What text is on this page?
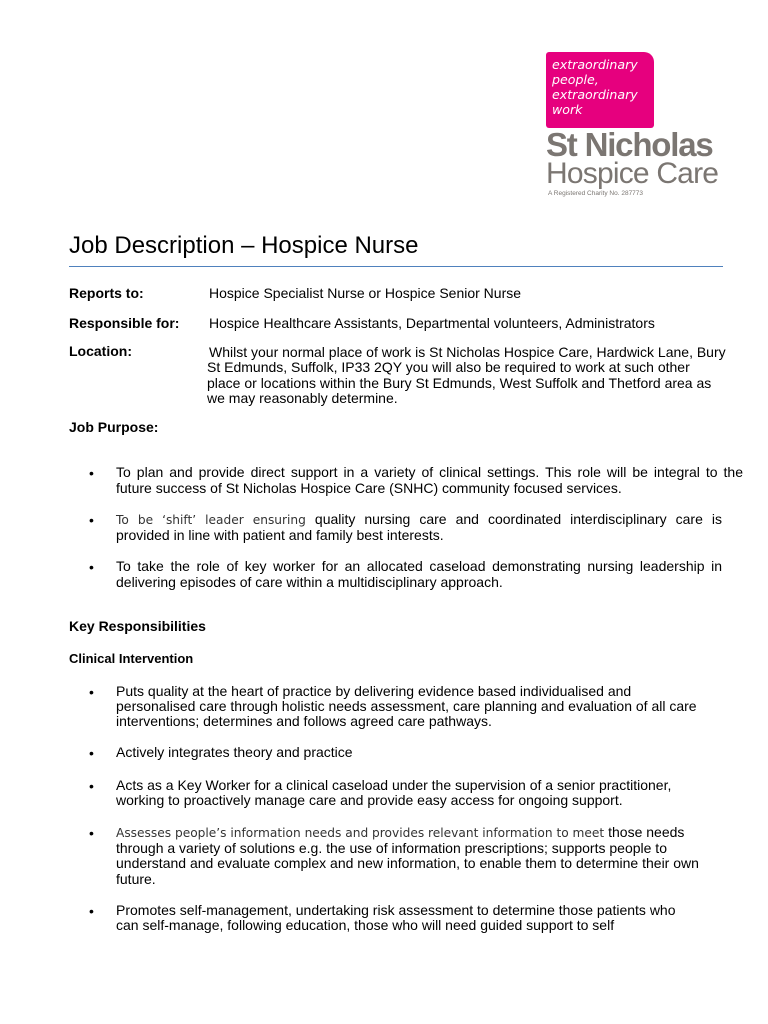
extraordinary
people,
extraordinary
work
St Nicholas
Hospice Care
A Registered Charity No. 287773
Job Description – Hospice Nurse
Reports to:	Hospice Specialist Nurse or Hospice Senior Nurse
Responsible for: Hospice Healthcare Assistants, Departmental volunteers, Administrators
Location:	Whilst your normal place of work is St Nicholas Hospice Care, Hardwick Lane, Bury
St Edmunds, Suffolk, IP33 2QY you will also be required to work at such other
place or locations within the Bury St Edmunds, West Suffolk and Thetford area as
we may reasonably determine.
Job Purpose:
• To plan and provide direct support in a variety of clinical settings. This role will be integral to the
future success of St Nicholas Hospice Care (SNHC) community focused services.
• To be ‘shift’ leader ensuring quality nursing care and coordinated interdisciplinary care is
provided in line with patient and family best interests.
• To take the role of key worker for an allocated caseload demonstrating nursing leadership in
delivering episodes of care within a multidisciplinary approach.
Key Responsibilities
Clinical Intervention
• Puts quality at the heart of practice by delivering evidence based individualised and
personalised care through holistic needs assessment, care planning and evaluation of all care
interventions; determines and follows agreed care pathways.
• Actively integrates theory and practice
• Acts as a Key Worker for a clinical caseload under the supervision of a senior practitioner,
working to proactively manage care and provide easy access for ongoing support.
• Assesses people’s information needs and provides relevant information to meet those needs
through a variety of solutions e.g. the use of information prescriptions; supports people to
understand and evaluate complex and new information, to enable them to determine their own
future.
• Promotes self-management, undertaking risk assessment to determine those patients who
can self-manage, following education, those who will need guided support to self
